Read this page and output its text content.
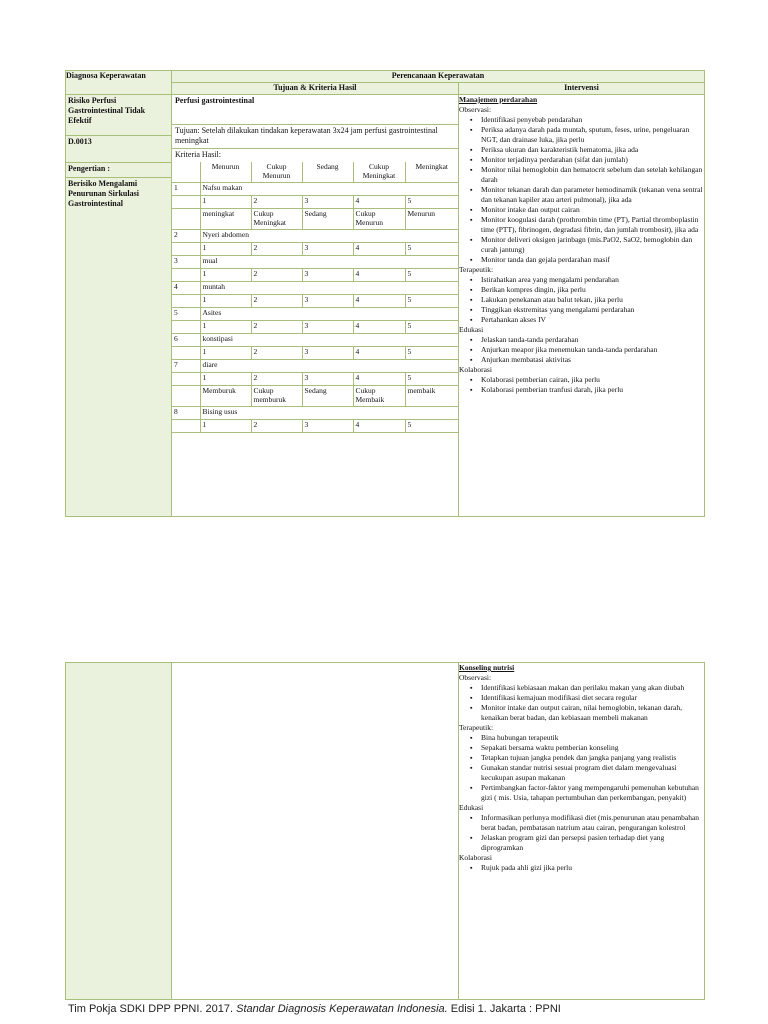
Diagnosa Keperawatan	Perencanaan Keperawatan
Tujuan & Kriteria Hasil	Intervensi

Risiko Perfusi Gastrointestinal Tidak Efektif
D.0013
Pengertian :
Berisiko Mengalami Penurunan Sirkulasi Gastrointestinal

Perfusi gastrointestinal
Tujuan: Setelah dilakukan tindakan keperawatan 3x24 jam perfusi gastrointestinal meningkat
Kriteria Hasil:
	Menurun	Cukup Menurun	Sedang	Cukup Meningkat	Meningkat
1	Nafsu makan
	1	2	3	4	5
	meningkat	Cukup Meningkat	Sedang	Cukup Menurun	Menurun
2	Nyeri abdomen
	1	2	3	4	5
3	mual
	1	2	3	4	5
4	muntah
	1	2	3	4	5
5	Asites
	1	2	3	4	5
6	konstipasi
	1	2	3	4	5
7	diare
	1	2	3	4	5
	Memburuk	Cukup memburuk	Sedang	Cukup Membaik	membaik
8	Bising usus
	1	2	3	4	5

Manajemen perdarahan
Observasi:
▪ Identifikasi penyebab pendarahan
▪ Periksa adanya darah pada muntah, sputum, feses, urine, pengeluaran NGT, dan drainase luka, jika perlu
▪ Periksa ukuran dan karakteristik hematoma, jika ada
▪ Monitor terjadinya perdarahan (sifat dan jumlah)
▪ Monitor nilai hemoglobin dan hematocrit sebelum dan setelah kehilangan darah
▪ Monitor tekanan darah dan parameter hemodinamik (tekanan vena sentral dan tekanan kapiler atau arteri pulmonal), jika ada
▪ Monitor intake dan output cairan
▪ Monitor koogulasi darah (prothrombin time (PT), Partial thromboplastin time (PTT), fibrinogen, degradasi fibrin, dan jumlah trombosit), jika ada
▪ Monitor deliveri oksigen jarinbagn (mis.PaO2, SaO2, hemoglobin dan curah jantung)
▪ Monitor tanda dan gejala perdarahan masif
Terapeutik:
▪ Istirahatkan area yang mengalami pendarahan
▪ Berikan kompres dingin, jika perlu
▪ Lakukan penekanan atau balut tekan, jika perlu
▪ Tinggikan ekstremitas yang mengalami perdarahan
▪ Pertahankan akses IV
Edukasi
▪ Jelaskan tanda-tanda perdarahan
▪ Anjurkan meapor jika menemukan tanda-tanda perdarahan
▪ Anjurkan membatasi aktivitas
Kolaborasi
▪ Kolaborasi pemberian cairan, jika perlu
▪ Kolaborasi pemberian tranfusi darah, jika perlu

Konseling nutrisi
Observasi:
▪ Identifikasi kebiasaan makan dan perilaku makan yang akan diubah
▪ Identifikasi kemajuan modifikasi diet secara regular
▪ Monitor intake dan output cairan, nilai hemoglobin, tekanan darah, kenaikan berat badan, dan kebiasaan membeli makanan
Terapeutik:
▪ Bina hubungan terapeutik
▪ Sepakati bersama waktu pemberian konseling
▪ Tetapkan tujuan jangka pendek dan jangka panjang yang realistis
▪ Gunakan standar nutrisi sesuai program diet dalam mengevaluasi kecukupan asupan makanan
▪ Pertimbangkan factor-faktor yang mempengaruhi pemenuhan kebutuhan gizi ( mis. Usia, tahapan pertumbuhan dan perkembangan, penyakit)
Edukasi
▪ Informasikan perlunya modifikasi diet (mis.penurunan atau penambahan berat badan, pembatasan natrium atau cairan, pengurangan kolestrol
▪ Jelaskan program gizi dan persepsi pasien terhadap diet yang diprogramkan
Kolaborasi
▪ Rujuk pada ahli gizi jika perlu
Tim Pokja SDKI DPP PPNI. 2017. Standar Diagnosis Keperawatan Indonesia. Edisi 1. Jakarta : PPNI
